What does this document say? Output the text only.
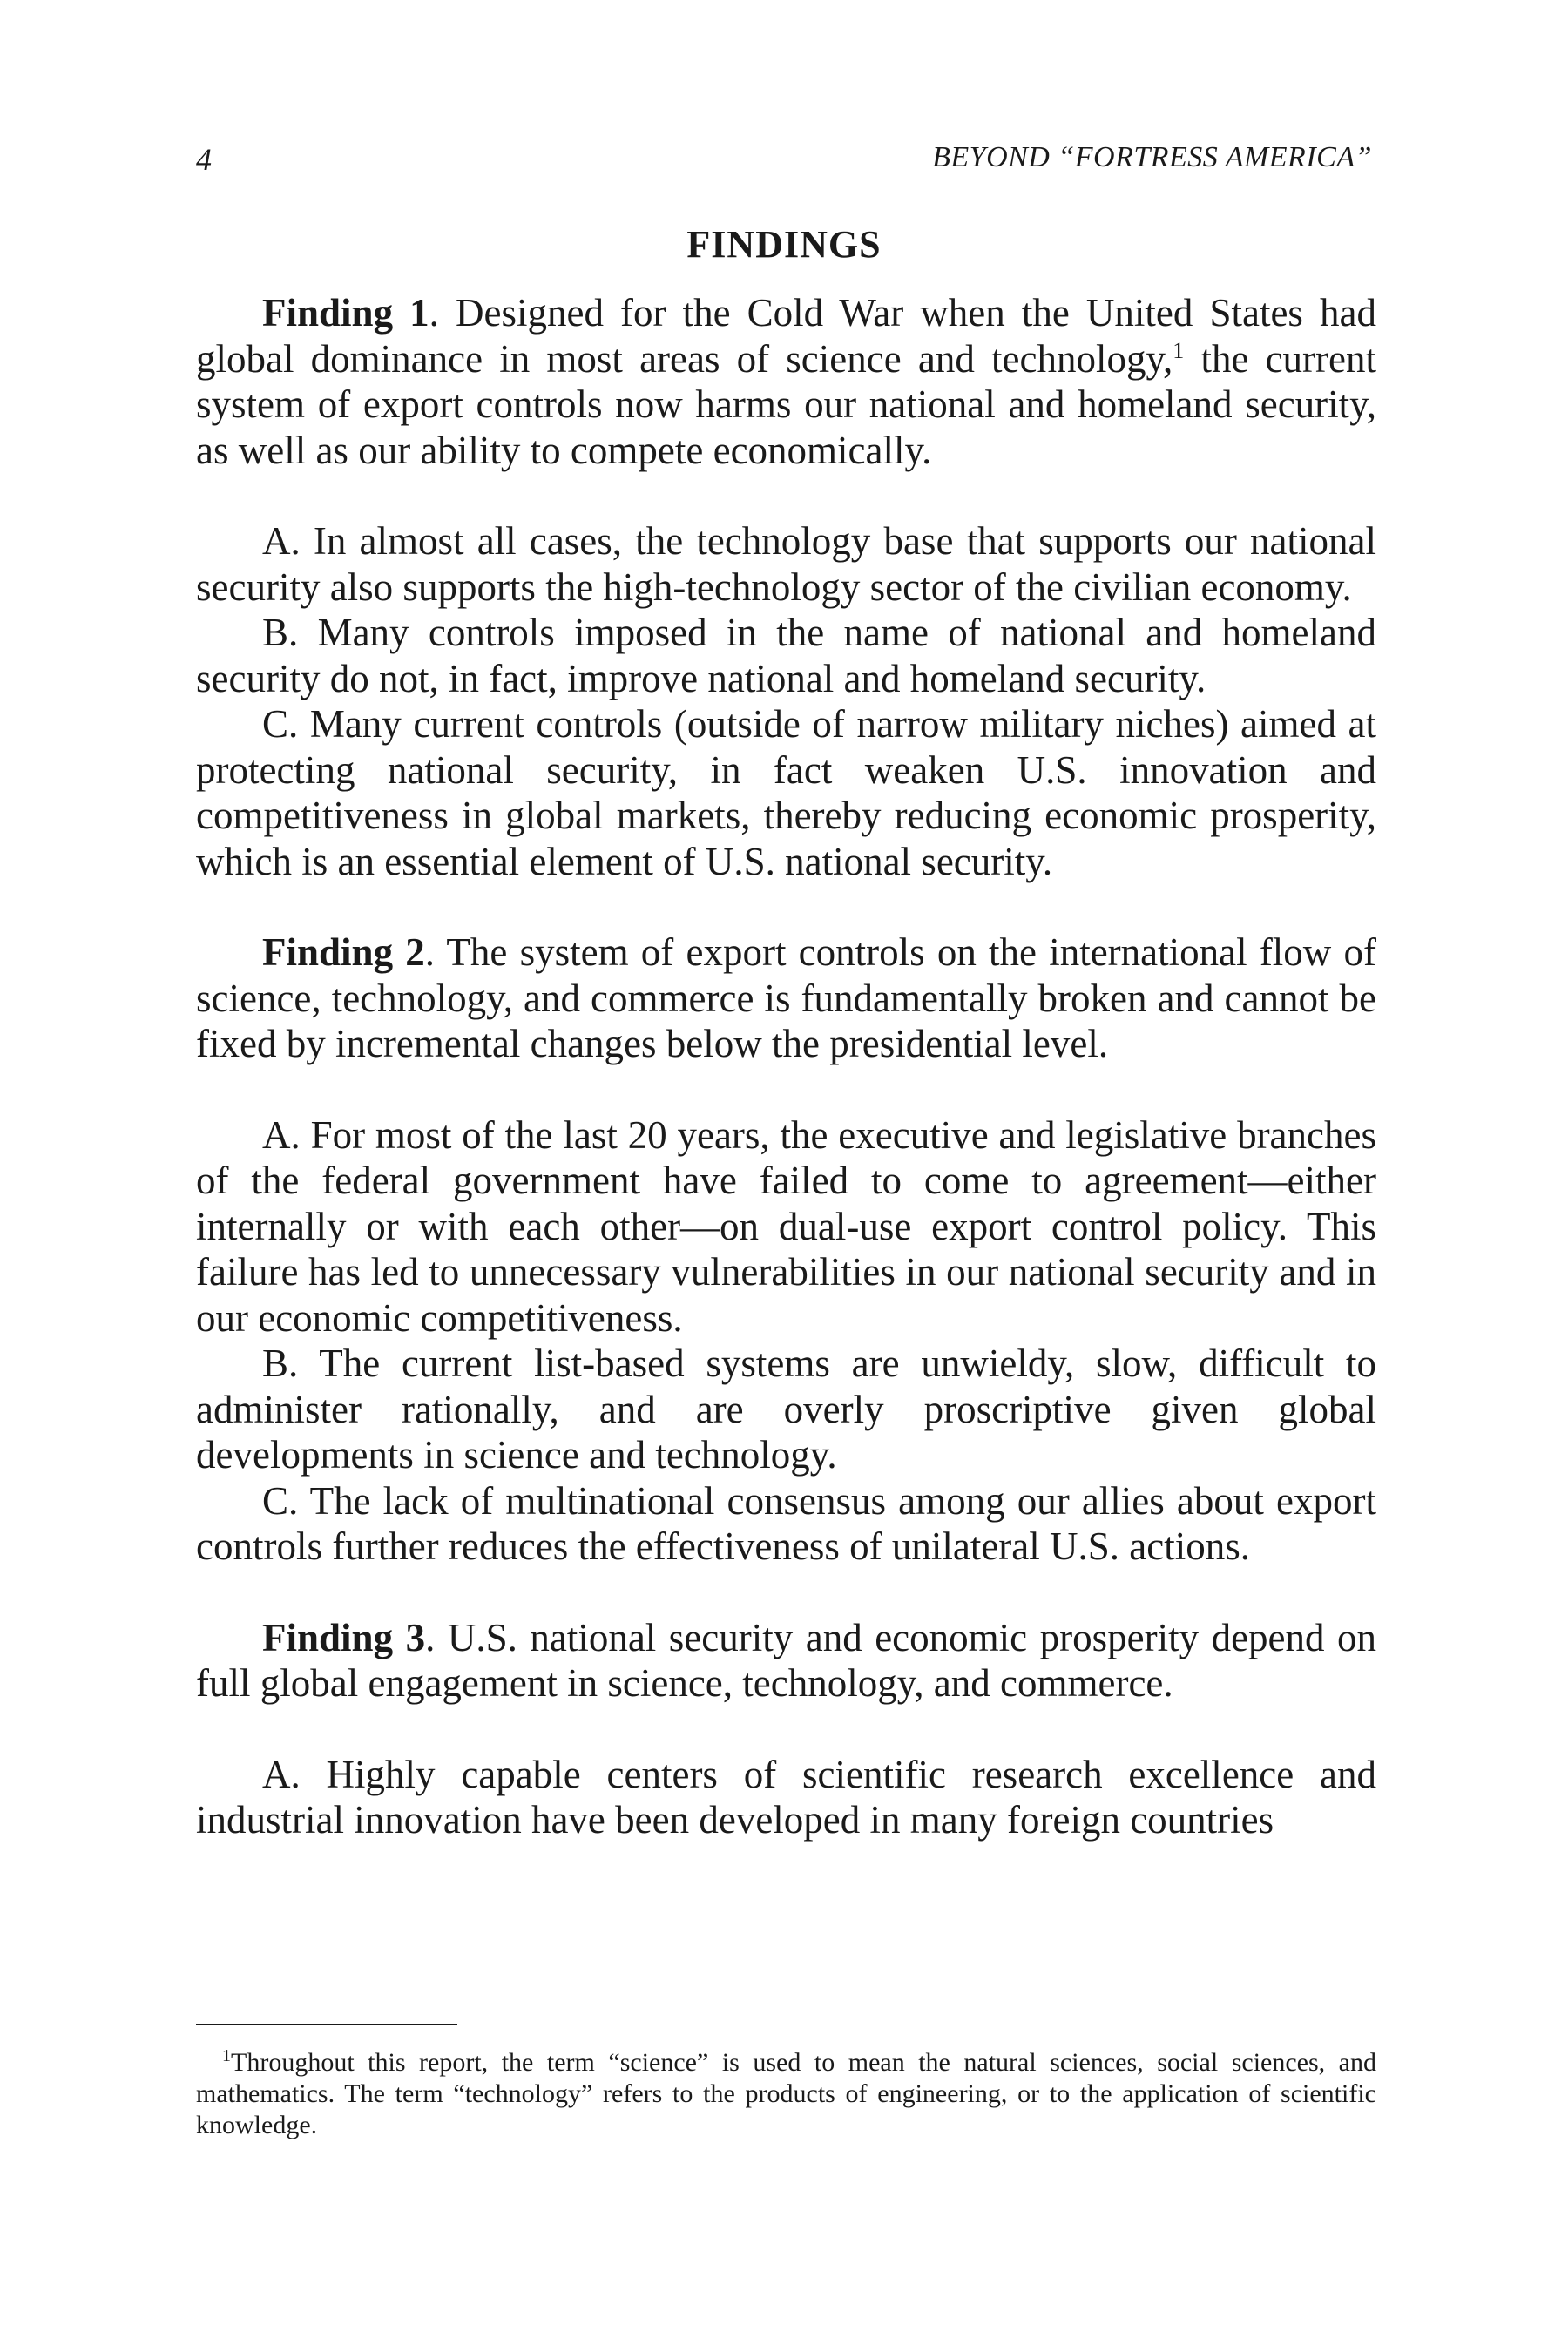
4	BEYOND “FORTRESS AMERICA”
FINDINGS

Finding 1. Designed for the Cold War when the United States had global dominance in most areas of science and technology,$^1$ the current system of export controls now harms our national and homeland security, as well as our ability to compete economically.

A. In almost all cases, the technology base that supports our national security also supports the high-technology sector of the civilian economy.

B. Many controls imposed in the name of national and homeland security do not, in fact, improve national and homeland security.

C. Many current controls (outside of narrow military niches) aimed at protecting national security, in fact weaken U.S. innovation and competitiveness in global markets, thereby reducing economic prosperity, which is an essential element of U.S. national security.

Finding 2. The system of export controls on the international flow of science, technology, and commerce is fundamentally broken and cannot be fixed by incremental changes below the presidential level.

A. For most of the last 20 years, the executive and legislative branches of the federal government have failed to come to agreement—either internally or with each other—on dual-use export control policy. This failure has led to unnecessary vulnerabilities in our national security and in our economic competitiveness.

B. The current list-based systems are unwieldy, slow, difficult to administer rationally, and are overly proscriptive given global developments in science and technology.

C. The lack of multinational consensus among our allies about export controls further reduces the effectiveness of unilateral U.S. actions.

Finding 3. U.S. national security and economic prosperity depend on full global engagement in science, technology, and commerce.

A. Highly capable centers of scientific research excellence and industrial innovation have been developed in many foreign countries

$^1$Throughout this report, the term “science” is used to mean the natural sciences, social sciences, and mathematics. The term “technology” refers to the products of engineering, or to the application of scientific knowledge.
